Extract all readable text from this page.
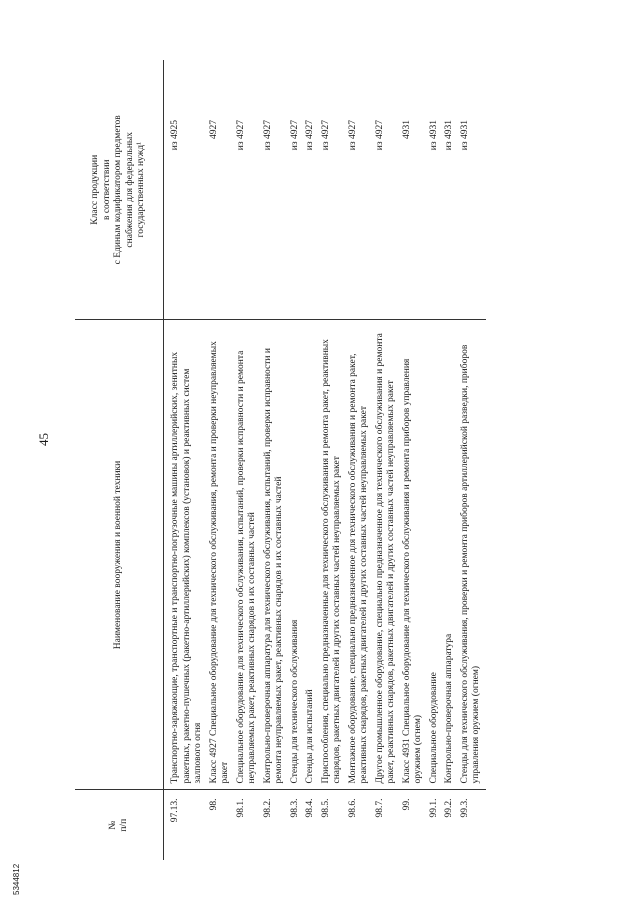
45
№
п/п	Наименование вооружения и военной техники	Класс продукции
в соответствии
с Единым кодификатором предметов
снабжения для федеральных
государственных нужд¹
97.13.	Транспортно-заряжающие, транспортные и транспортно-погрузочные машины артиллерийских, зенитных ракетных, ракетно-пушечных (ракетно-артиллерийских) комплексов (установок) и реактивных систем залпового огня	из 4925
98.	Класс 4927 Специальное оборудование для технического обслуживания, ремонта и проверки неуправляемых ракет	4927
98.1.	Специальное оборудование для технического обслуживания, испытаний, проверки исправности и ремонта неуправляемых ракет, реактивных снарядов и их составных частей	из 4927
98.2.	Контрольно-проверочная аппаратура для технического обслуживания, испытаний, проверки исправности и ремонта неуправляемых ракет, реактивных снарядов и их составных частей	из 4927
98.3.	Стенды для технического обслуживания	из 4927
98.4.	Стенды для испытаний	из 4927
98.5.	Приспособления, специально предназначенные для технического обслуживания и ремонта ракет, реактивных снарядов, ракетных двигателей и других составных частей неуправляемых ракет	из 4927
98.6.	Монтажное оборудование, специально предназначенное для технического обслуживания и ремонта ракет, реактивных снарядов, ракетных двигателей и других составных частей неуправляемых ракет	из 4927
98.7.	Другое промышленное оборудование, специально предназначенное для технического обслуживания и ремонта ракет, реактивных снарядов, ракетных двигателей и других составных частей неуправляемых ракет	из 4927
99.	Класс 4931 Специальное оборудование для технического обслуживания и ремонта приборов управления оружием (огнем)	4931
99.1.	Специальное оборудование	из 4931
99.2.	Контрольно-проверочная аппаратура	из 4931
99.3.	Стенды для технического обслуживания, проверки и ремонта приборов артиллерийской разведки, приборов управления оружием (огнем)	из 4931
5344812
